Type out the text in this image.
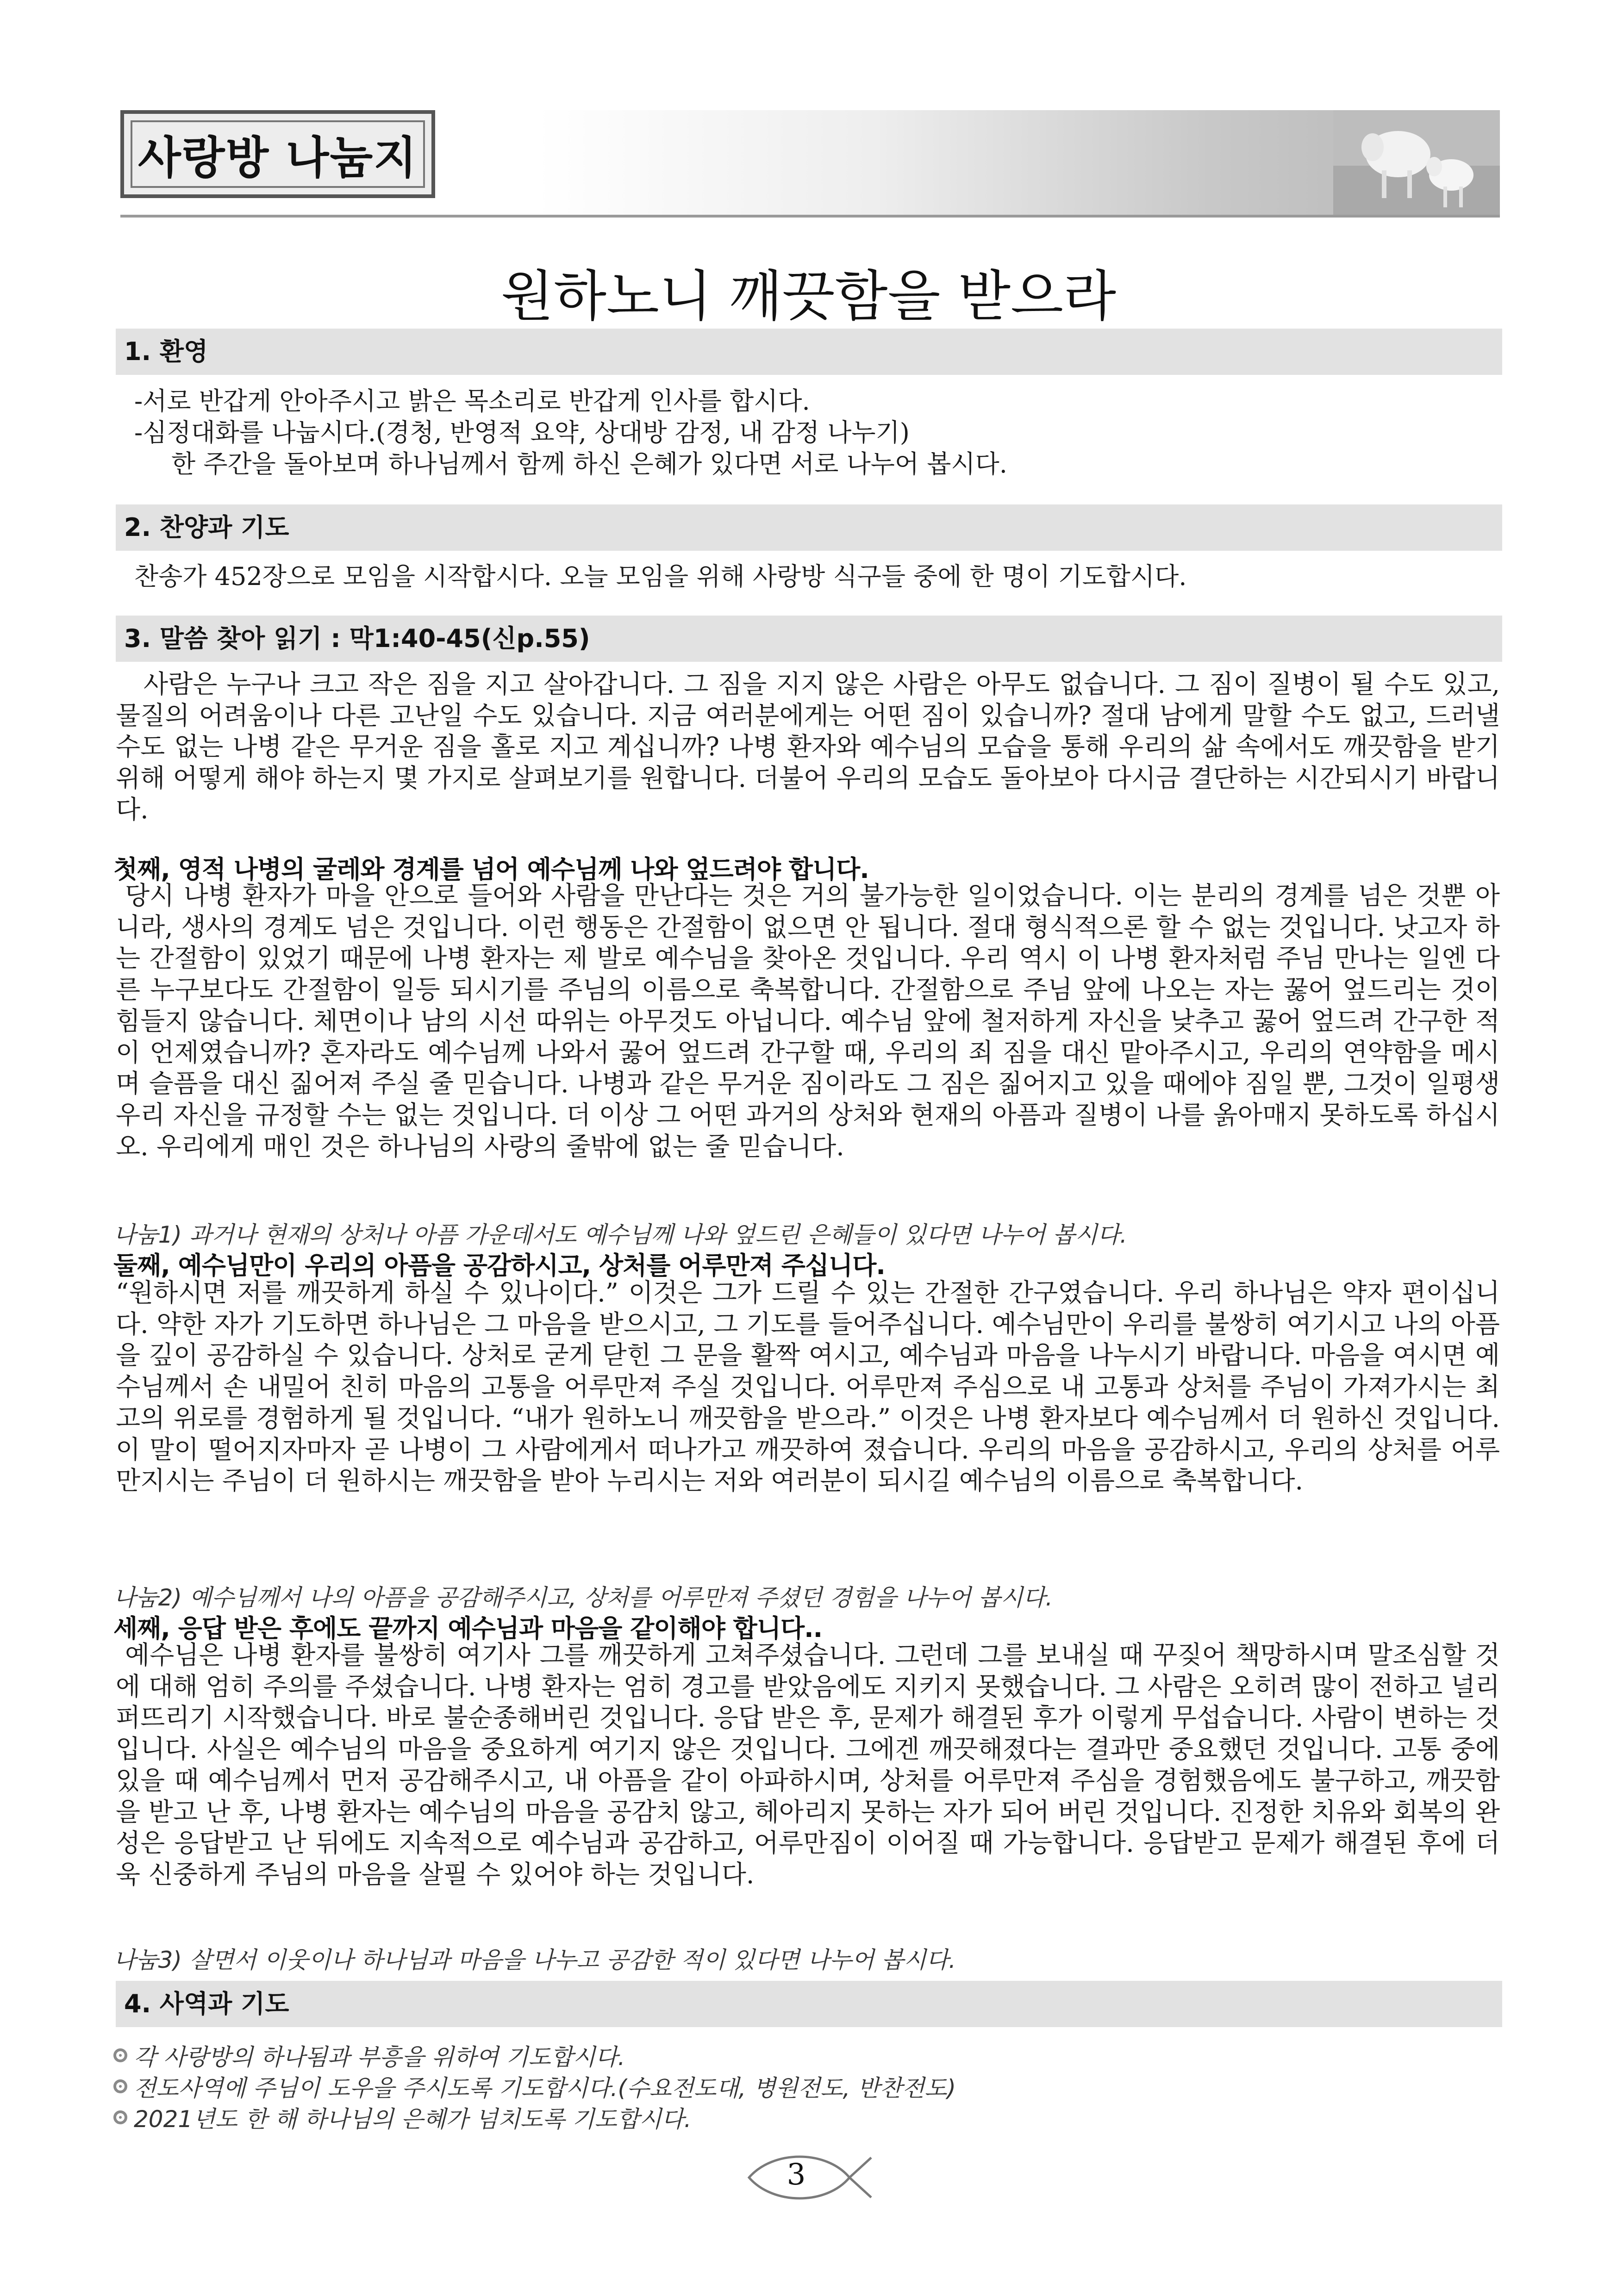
사랑방 나눔지
원하노니 깨끗함을 받으라
1. 환영
-서로 반갑게 안아주시고 밝은 목소리로 반갑게 인사를 합시다.
-심정대화를 나눕시다.(경청, 반영적 요약, 상대방 감정, 내 감정 나누기)
한 주간을 돌아보며 하나님께서 함께 하신 은혜가 있다면 서로 나누어 봅시다.
2. 찬양과 기도
찬송가 452장으로 모임을 시작합시다. 오늘 모임을 위해 사랑방 식구들 중에 한 명이 기도합시다.
3. 말씀 찾아 읽기 : 막1:40-45(신p.55)

사람은 누구나 크고 작은 짐을 지고 살아갑니다. 그 짐을 지지 않은 사람은 아무도 없습니다. 그 짐이 질병이 될 수도 있고, 물질의 어려움이나 다른 고난일 수도 있습니다. 지금 여러분에게는 어떤 짐이 있습니까? 절대 남에게 말할 수도 없고, 드러낼 수도 없는 나병 같은 무거운 짐을 홀로 지고 계십니까? 나병 환자와 예수님의 모습을 통해 우리의 삶 속에서도 깨끗함을 받기 위해 어떻게 해야 하는지 몇 가지로 살펴보기를 원합니다. 더불어 우리의 모습도 돌아보아 다시금 결단하는 시간되시기 바랍니다.

첫째, 영적 나병의 굴레와 경계를 넘어 예수님께 나와 엎드려야 합니다.

당시 나병 환자가 마을 안으로 들어와 사람을 만난다는 것은 거의 불가능한 일이었습니다. 이는 분리의 경계를 넘은 것뿐 아니라, 생사의 경계도 넘은 것입니다. 이런 행동은 간절함이 없으면 안 됩니다. 절대 형식적으론 할 수 없는 것입니다. 낫고자 하는 간절함이 있었기 때문에 나병 환자는 제 발로 예수님을 찾아온 것입니다. 우리 역시 이 나병 환자처럼 주님 만나는 일엔 다른 누구보다도 간절함이 일등 되시기를 주님의 이름으로 축복합니다. 간절함으로 주님 앞에 나오는 자는 꿇어 엎드리는 것이 힘들지 않습니다. 체면이나 남의 시선 따위는 아무것도 아닙니다. 예수님 앞에 철저하게 자신을 낮추고 꿇어 엎드려 간구한 적이 언제였습니까? 혼자라도 예수님께 나와서 꿇어 엎드려 간구할 때, 우리의 죄 짐을 대신 맡아주시고, 우리의 연약함을 메시며 슬픔을 대신 짊어져 주실 줄 믿습니다. 나병과 같은 무거운 짐이라도 그 짐은 짊어지고 있을 때에야 짐일 뿐, 그것이 일평생 우리 자신을 규정할 수는 없는 것입니다. 더 이상 그 어떤 과거의 상처와 현재의 아픔과 질병이 나를 옭아매지 못하도록 하십시오. 우리에게 매인 것은 하나님의 사랑의 줄밖에 없는 줄 믿습니다.

나눔1) 과거나 현재의 상처나 아픔 가운데서도 예수님께 나와 엎드린 은혜들이 있다면 나누어 봅시다.
둘째, 예수님만이 우리의 아픔을 공감하시고, 상처를 어루만져 주십니다.

“원하시면 저를 깨끗하게 하실 수 있나이다.” 이것은 그가 드릴 수 있는 간절한 간구였습니다. 우리 하나님은 약자 편이십니다. 약한 자가 기도하면 하나님은 그 마음을 받으시고, 그 기도를 들어주십니다. 예수님만이 우리를 불쌍히 여기시고 나의 아픔을 깊이 공감하실 수 있습니다. 상처로 굳게 닫힌 그 문을 활짝 여시고, 예수님과 마음을 나누시기 바랍니다. 마음을 여시면 예수님께서 손 내밀어 친히 마음의 고통을 어루만져 주실 것입니다. 어루만져 주심으로 내 고통과 상처를 주님이 가져가시는 최고의 위로를 경험하게 될 것입니다. “내가 원하노니 깨끗함을 받으라.” 이것은 나병 환자보다 예수님께서 더 원하신 것입니다. 이 말이 떨어지자마자 곧 나병이 그 사람에게서 떠나가고 깨끗하여 졌습니다. 우리의 마음을 공감하시고, 우리의 상처를 어루만지시는 주님이 더 원하시는 깨끗함을 받아 누리시는 저와 여러분이 되시길 예수님의 이름으로 축복합니다.

나눔2) 예수님께서 나의 아픔을 공감해주시고, 상처를 어루만져 주셨던 경험을 나누어 봅시다.
세째, 응답 받은 후에도 끝까지 예수님과 마음을 같이해야 합니다..

예수님은 나병 환자를 불쌍히 여기사 그를 깨끗하게 고쳐주셨습니다. 그런데 그를 보내실 때 꾸짖어 책망하시며 말조심할 것에 대해 엄히 주의를 주셨습니다. 나병 환자는 엄히 경고를 받았음에도 지키지 못했습니다. 그 사람은 오히려 많이 전하고 널리 퍼뜨리기 시작했습니다. 바로 불순종해버린 것입니다. 응답 받은 후, 문제가 해결된 후가 이렇게 무섭습니다. 사람이 변하는 것입니다. 사실은 예수님의 마음을 중요하게 여기지 않은 것입니다. 그에겐 깨끗해졌다는 결과만 중요했던 것입니다. 고통 중에 있을 때 예수님께서 먼저 공감해주시고, 내 아픔을 같이 아파하시며, 상처를 어루만져 주심을 경험했음에도 불구하고, 깨끗함을 받고 난 후, 나병 환자는 예수님의 마음을 공감치 않고, 헤아리지 못하는 자가 되어 버린 것입니다. 진정한 치유와 회복의 완성은 응답받고 난 뒤에도 지속적으로 예수님과 공감하고, 어루만짐이 이어질 때 가능합니다. 응답받고 문제가 해결된 후에 더욱 신중하게 주님의 마음을 살필 수 있어야 하는 것입니다.

나눔3) 살면서 이웃이나 하나님과 마음을 나누고 공감한 적이 있다면 나누어 봅시다.
4. 사역과 기도
각 사랑방의 하나됨과 부흥을 위하여 기도합시다.
전도사역에 주님이 도우을 주시도록 기도합시다.(수요전도대, 병원전도, 반찬전도)
2021년도 한 해 하나님의 은혜가 넘치도록 기도합시다.
3
